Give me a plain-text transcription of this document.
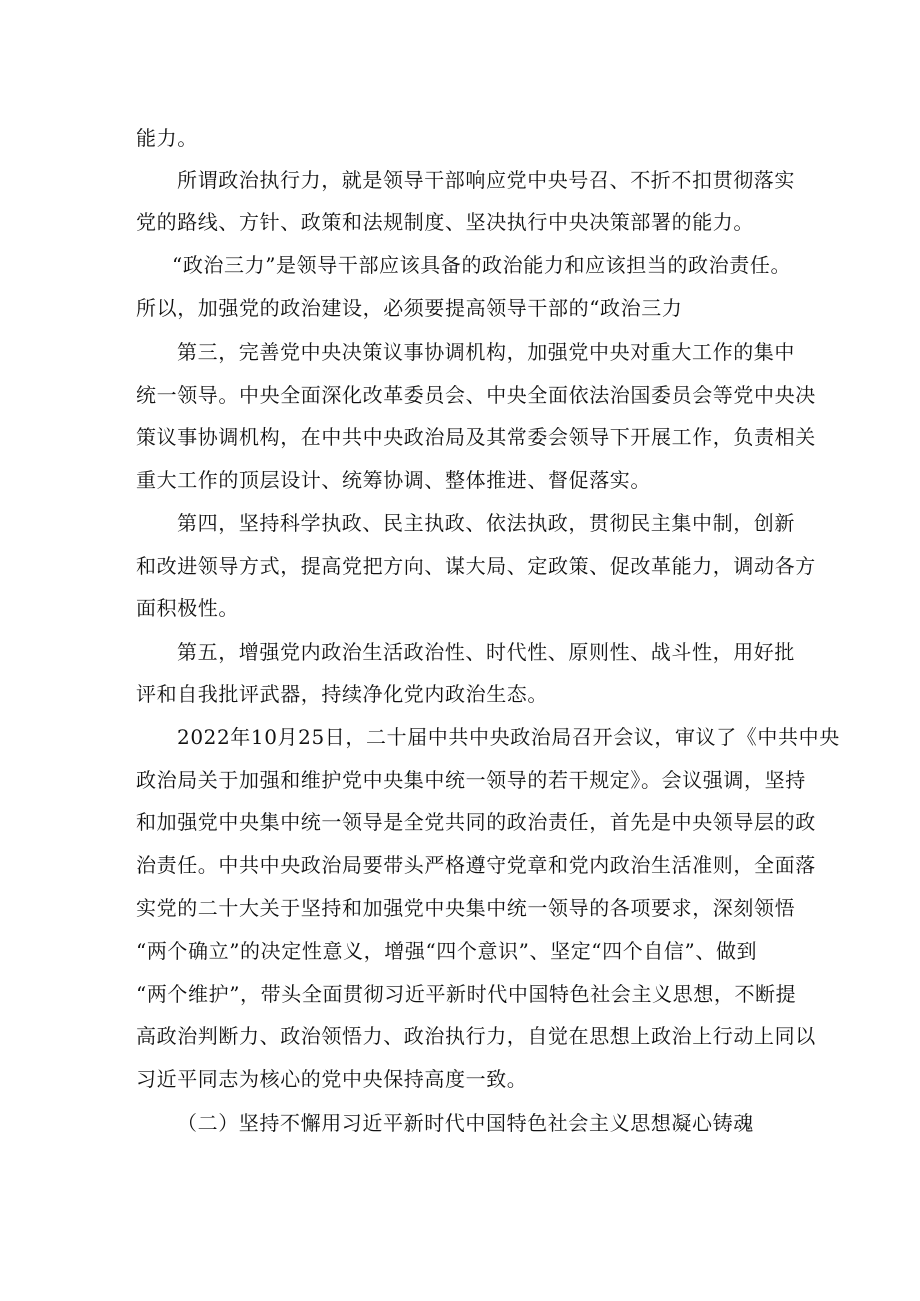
能力。
所谓政治执行力，就是领导干部响应党中央号召、不折不扣贯彻落实
党的路线、方针、政策和法规制度、坚决执行中央决策部署的能力。
“政治三力”是领导干部应该具备的政治能力和应该担当的政治责任。
所以，加强党的政治建设，必须要提高领导干部的“政治三力
第三，完善党中央决策议事协调机构，加强党中央对重大工作的集中
统一领导。中央全面深化改革委员会、中央全面依法治国委员会等党中央决
策议事协调机构，在中共中央政治局及其常委会领导下开展工作，负责相关
重大工作的顶层设计、统筹协调、整体推进、督促落实。
第四，坚持科学执政、民主执政、依法执政，贯彻民主集中制，创新
和改进领导方式，提高党把方向、谋大局、定政策、促改革能力，调动各方
面积极性。
第五，增强党内政治生活政治性、时代性、原则性、战斗性，用好批
评和自我批评武器，持续净化党内政治生态。
2022年10月25日，二十届中共中央政治局召开会议，审议了《中共中央
政治局关于加强和维护党中央集中统一领导的若干规定》。会议强调，坚持
和加强党中央集中统一领导是全党共同的政治责任，首先是中央领导层的政
治责任。中共中央政治局要带头严格遵守党章和党内政治生活准则，全面落
实党的二十大关于坚持和加强党中央集中统一领导的各项要求，深刻领悟
“两个确立”的决定性意义，增强“四个意识”、坚定“四个自信”、做到
“两个维护”，带头全面贯彻习近平新时代中国特色社会主义思想，不断提
高政治判断力、政治领悟力、政治执行力，自觉在思想上政治上行动上同以
习近平同志为核心的党中央保持高度一致。
（二）坚持不懈用习近平新时代中国特色社会主义思想凝心铸魂
